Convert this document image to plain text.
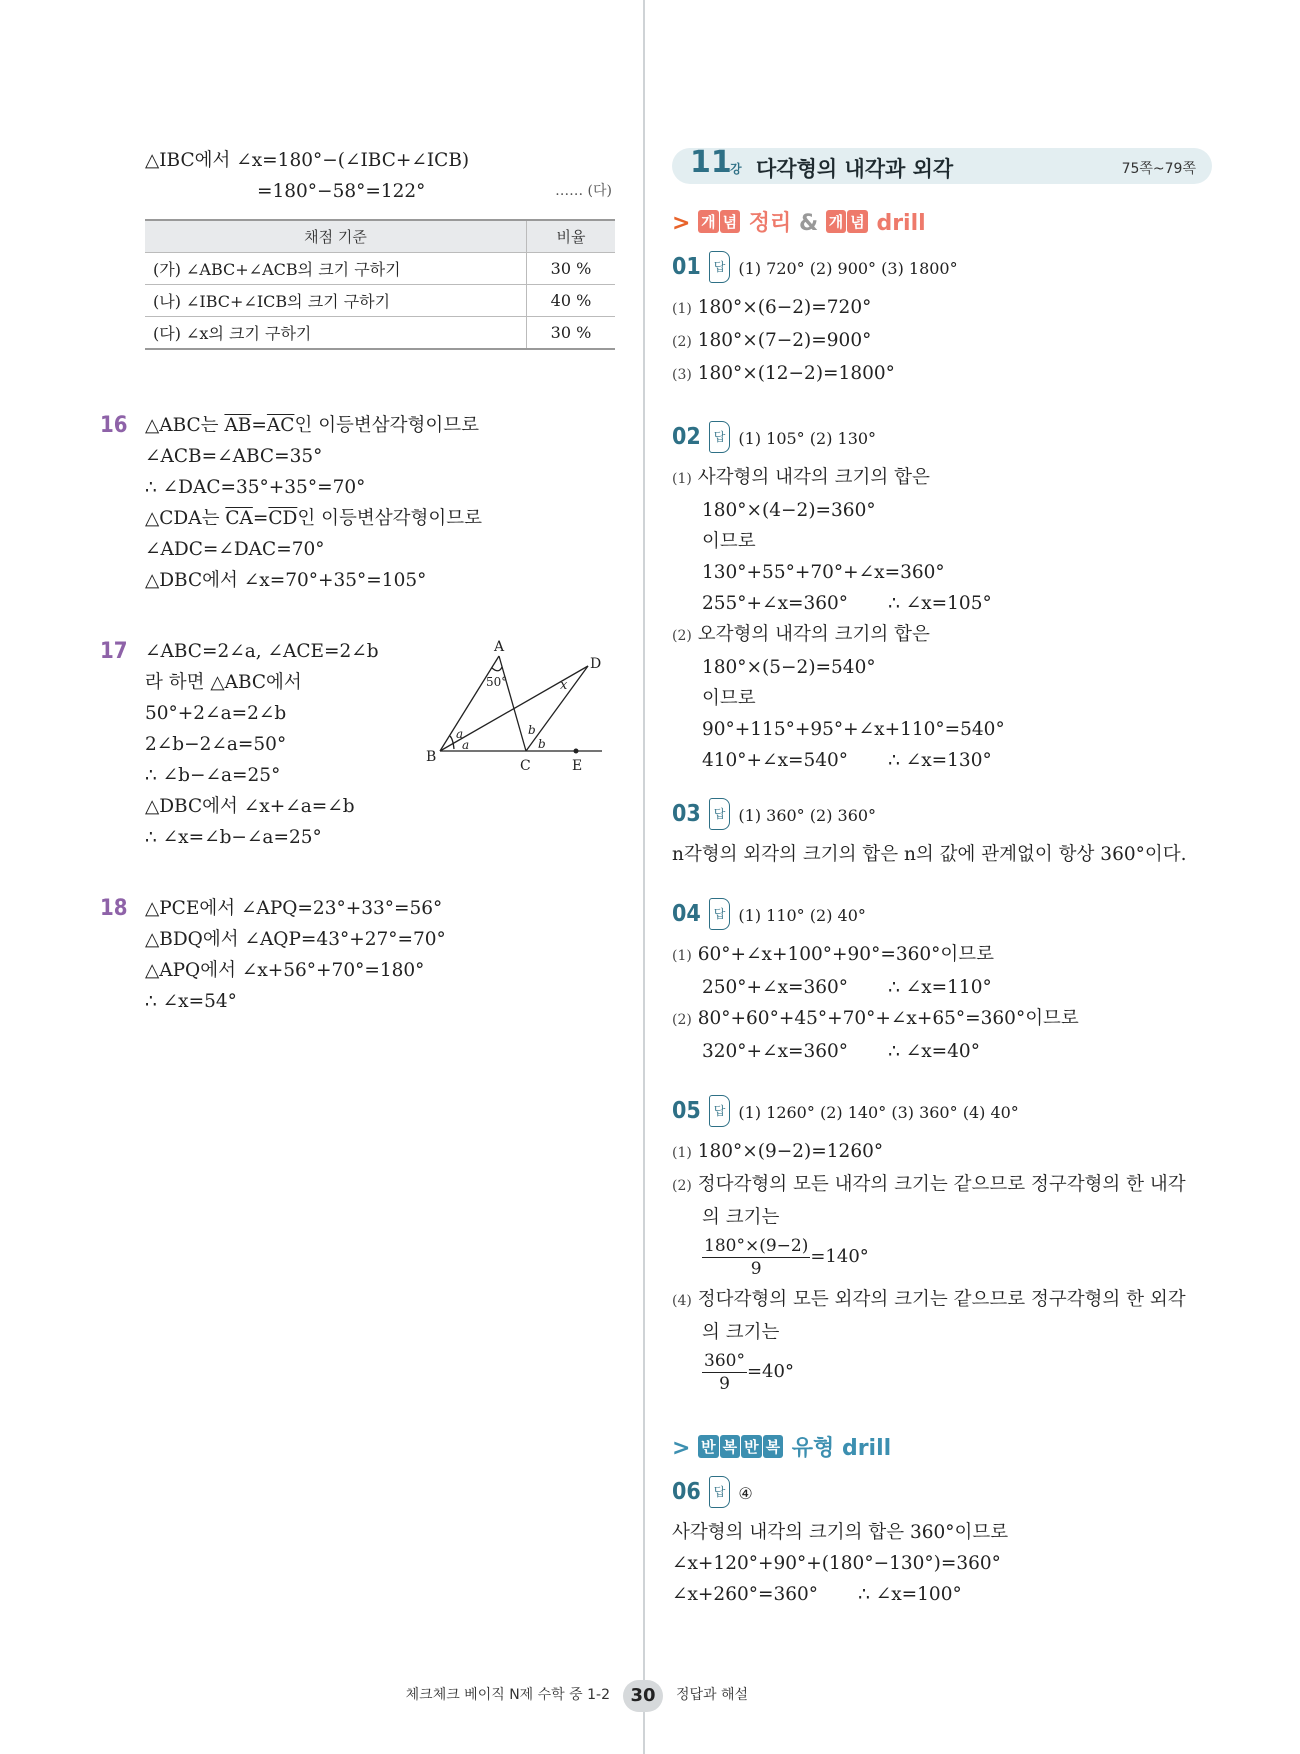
△IBC에서 ∠x=180°−(∠IBC+∠ICB)
=180°−58°=122°	…… (다)
채점 기준	비율
(가) ∠ABC+∠ACB의 크기 구하기	30 %
(나) ∠IBC+∠ICB의 크기 구하기	40 %
(다) ∠x의 크기 구하기	30 %
16 △ABC는 $\overline{AB}=\overline{AC}$인 이등변삼각형이므로
∠ACB=∠ABC=35°
∴ ∠DAC=35°+35°=70°
△CDA는 $\overline{CA}=\overline{CD}$인 이등변삼각형이므로
∠ADC=∠DAC=70°
△DBC에서 ∠x=70°+35°=105°
17 ∠ABC=2∠a, ∠ACE=2∠b
라 하면 △ABC에서
50°+2∠a=2∠b
2∠b−2∠a=50°
∴ ∠b−∠a=25°
△DBC에서 ∠x+∠a=∠b
∴ ∠x=∠b−∠a=25°
A
B
C
D
E
50°
a
a
b
b
x
18 △PCE에서 ∠APQ=23°+33°=56°
△BDQ에서 ∠AQP=43°+27°=70°
△APQ에서 ∠x+56°+70°=180°
∴ ∠x=54°
11
강 다각형의 내각과 외각	75쪽~79쪽
> 개 념 정리 & 개 념 drill
01 답 (1) 720° (2) 900° (3) 1800°
(1) 180°×(6−2)=720°
(2) 180°×(7−2)=900°
(3) 180°×(12−2)=1800°
02 답 (1) 105° (2) 130°
(1) 사각형의 내각의 크기의 합은
180°×(4−2)=360°
이므로
130°+55°+70°+∠x=360°
255°+∠x=360° ∴ ∠x=105°
(2) 오각형의 내각의 크기의 합은
180°×(5−2)=540°
이므로
90°+115°+95°+∠x+110°=540°
410°+∠x=540° ∴ ∠x=130°
03 답 (1) 360° (2) 360°
n각형의 외각의 크기의 합은 n의 값에 관계없이 항상 360°이다.
04 답 (1) 110° (2) 40°
(1) 60°+∠x+100°+90°=360°이므로
250°+∠x=360° ∴ ∠x=110°
(2) 80°+60°+45°+70°+∠x+65°=360°이므로
320°+∠x=360° ∴ ∠x=40°
05 답 (1) 1260° (2) 140° (3) 360° (4) 40°
(1) 180°×(9−2)=1260°
(2) 정다각형의 모든 내각의 크기는 같으므로 정구각형의 한 내각
의 크기는
$\frac{180^\circ\times(9-2)}{9} =140^\circ$
(4) 정다각형의 모든 외각의 크기는 같으므로 정구각형의 한 외각
의 크기는
$\frac{360^\circ}{9} =40^\circ$
> 반 복 반 복 유형 drill
06 답 ④
사각형의 내각의 크기의 합은 360°이므로
∠x+120°+90°+(180°−130°)=360°
∠x+260°=360° ∴ ∠x=100°
체크체크 베이직 N제 수학 중 1-2	30	정답과 해설
